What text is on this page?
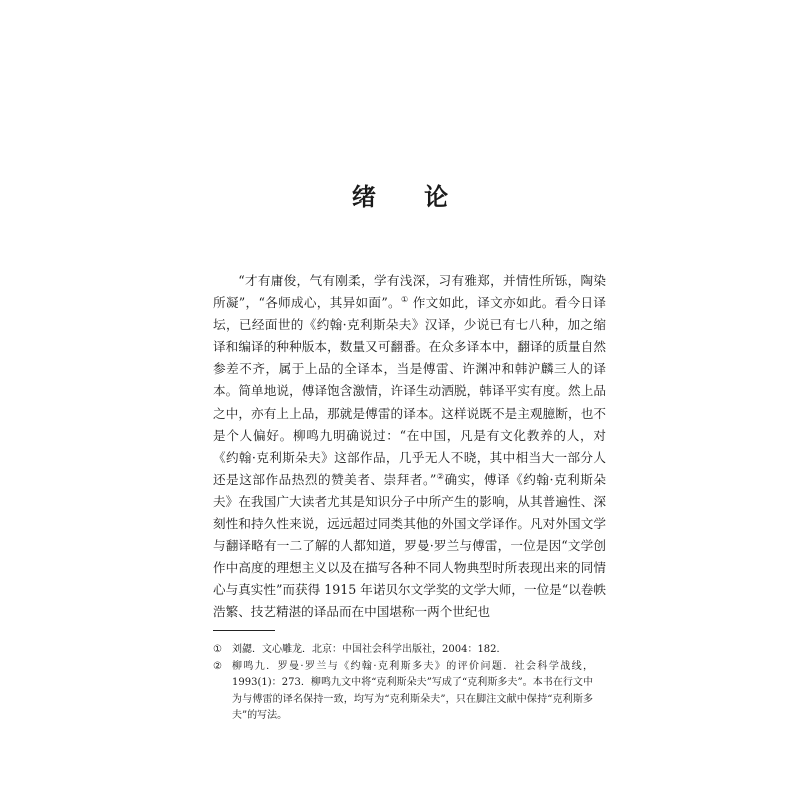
绪 论

“才有庸俊，气有刚柔，学有浅深，习有雅郑，并情性所铄，陶染所凝”，“各师成心，其异如面”。① 作文如此，译文亦如此。看今日译坛，已经面世的《约翰·克利斯朵夫》汉译，少说已有七八种，加之缩译和编译的种种版本，数量又可翻番。在众多译本中，翻译的质量自然参差不齐，属于上品的全译本，当是傅雷、许渊冲和韩沪麟三人的译本。简单地说，傅译饱含激情，许译生动洒脱，韩译平实有度。然上品之中，亦有上上品，那就是傅雷的译本。这样说既不是主观臆断，也不是个人偏好。柳鸣九明确说过：“在中国，凡是有文化教养的人，对《约翰·克利斯朵夫》这部作品，几乎无人不晓，其中相当大一部分人还是这部作品热烈的赞美者、崇拜者。”②确实，傅译《约翰·克利斯朵夫》在我国广大读者尤其是知识分子中所产生的影响，从其普遍性、深刻性和持久性来说，远远超过同类其他的外国文学译作。凡对外国文学与翻译略有一二了解的人都知道，罗曼·罗兰与傅雷，一位是因“文学创作中高度的理想主义以及在描写各种不同人物典型时所表现出来的同情心与真实性”而获得 1915 年诺贝尔文学奖的文学大师，一位是“以卷帙浩繁、技艺精湛的译品而在中国堪称一两个世纪也

①	刘勰．文心雕龙．北京：中国社会科学出版社，2004：182．
②	柳鸣九．罗曼·罗兰与《约翰·克利斯多夫》的评价问题．社会科学战线，1993(1)：273．柳鸣九文中将“克利斯朵夫”写成了“克利斯多夫”。本书在行文中为与傅雷的译名保持一致，均写为“克利斯朵夫”，只在脚注文献中保持“克利斯多夫”的写法。
